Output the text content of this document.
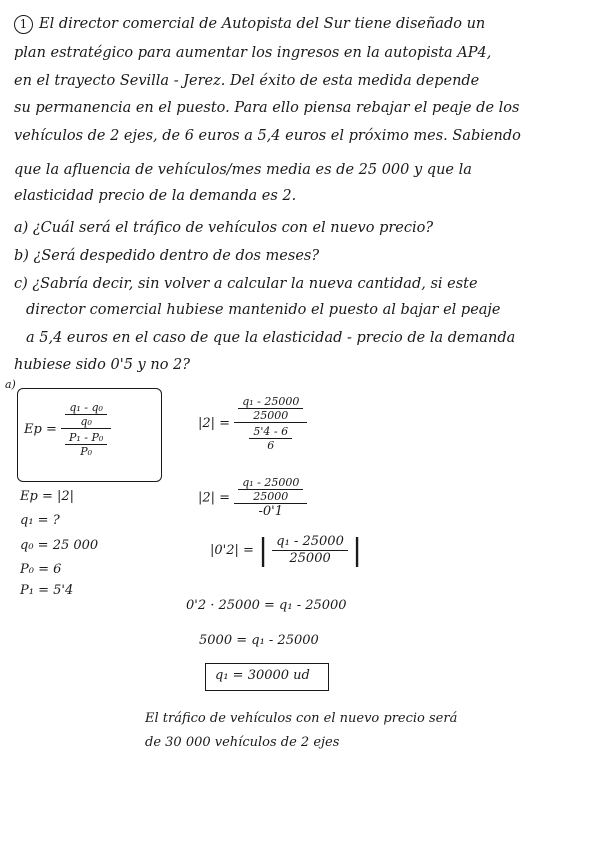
1 El director comercial de Autopista del Sur tiene diseñado un
plan estratégico para aumentar los ingresos en la autopista AP4,
en el trayecto Sevilla - Jerez. Del éxito de esta medida depende
su permanencia en el puesto. Para ello piensa rebajar el peaje de los
vehículos de 2 ejes, de 6 euros a 5,4 euros el próximo mes. Sabiendo
que la afluencia de vehículos/mes media es de 25 000 y que la
elasticidad precio de la demanda es 2.
a) ¿Cuál será el tráfico de vehículos con el nuevo precio?
b) ¿Será despedido dentro de dos meses?
c) ¿Sabría decir, sin volver a calcular la nueva cantidad, si este
director comercial hubiese mantenido el puesto al bajar el peaje
a 5,4 euros en el caso de que la elasticidad - precio de la demanda
hubiese sido 0'5 y no 2?
a)
$Ep = \frac{\frac{\text{q₁ - q₀}}{\text{q₀}}}{\frac{\text{P₁ - P₀}}{\text{P₀}}}$
Ep = |2|
q₁ = ?
q₀ = 25 000
P₀ = 6
P₁ = 5'4
$|2| = \frac{\frac{\text{q₁ - 25000}}{25000}}{\frac{5'4 - 6}{6}}$
$|2| = \frac{\frac{\text{q₁ - 25000}}{25000}}{-0'1}$
|0'2| = | $\frac{\text{q₁ - 25000}}{25000}$ |
0'2 · 25000 = q₁ - 25000
5000 = q₁ - 25000
q₁ = 30000 ud
El tráfico de vehículos con el nuevo precio será
de 30 000 vehículos de 2 ejes
